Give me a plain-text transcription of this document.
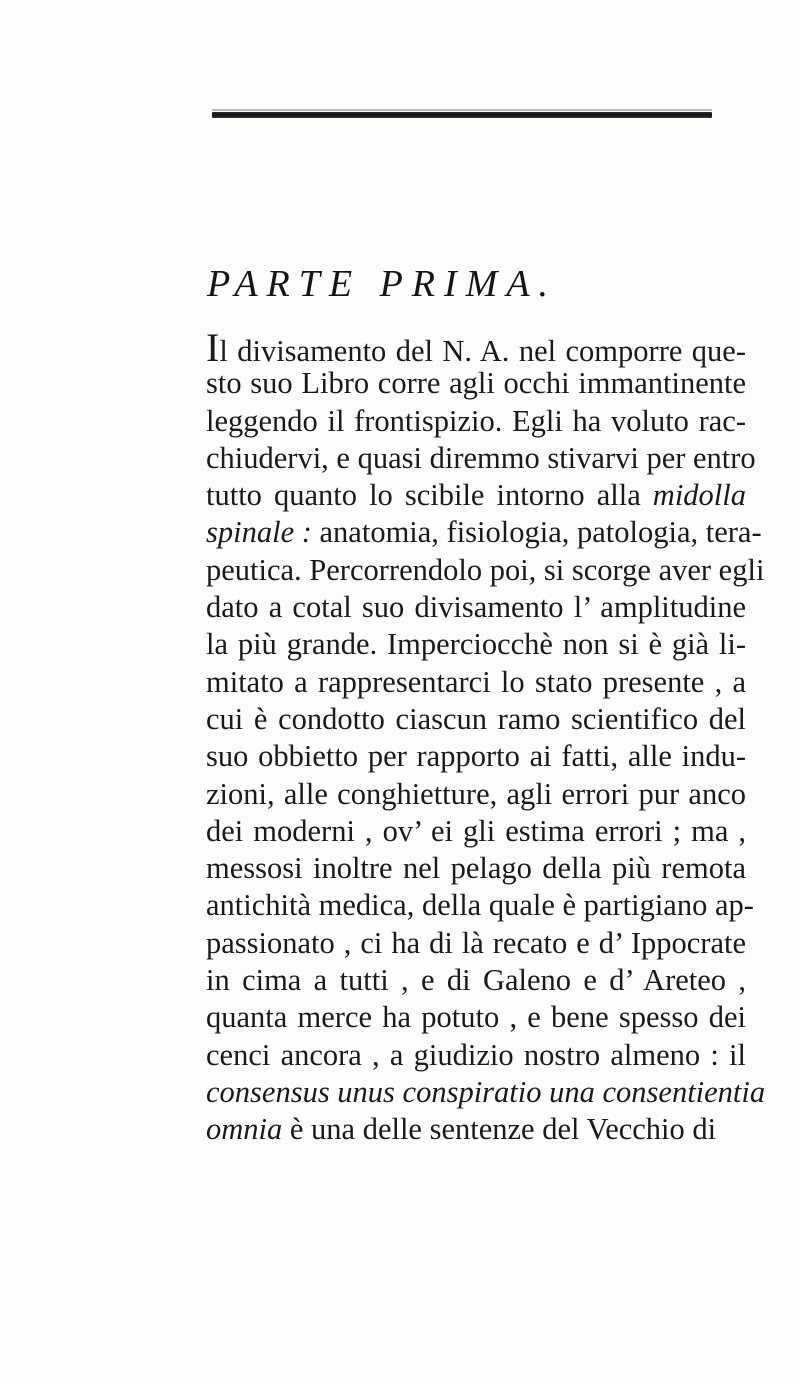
PARTE PRIMA.
Il divisamento del N. A. nel comporre que-
sto suo Libro corre agli occhi immantinente
leggendo il frontispizio. Egli ha voluto rac-
chiudervi, e quasi diremmo stivarvi per entro
tutto quanto lo scibile intorno alla midolla
spinale : anatomia, fisiologia, patologia, tera-
peutica. Percorrendolo poi, si scorge aver egli
dato a cotal suo divisamento l’ amplitudine
la più grande. Imperciocchè non si è già li-
mitato a rappresentarci lo stato presente , a
cui è condotto ciascun ramo scientifico del
suo obbietto per rapporto ai fatti, alle indu-
zioni, alle conghietture, agli errori pur anco
dei moderni , ov’ ei gli estima errori ; ma ,
messosi inoltre nel pelago della più remota
antichità medica, della quale è partigiano ap-
passionato , ci ha di là recato e d’ Ippocrate
in cima a tutti , e di Galeno e d’ Areteo ,
quanta merce ha potuto , e bene spesso dei
cenci ancora , a giudizio nostro almeno : il
consensus unus conspiratio una consentientia
omnia è una delle sentenze del Vecchio di
